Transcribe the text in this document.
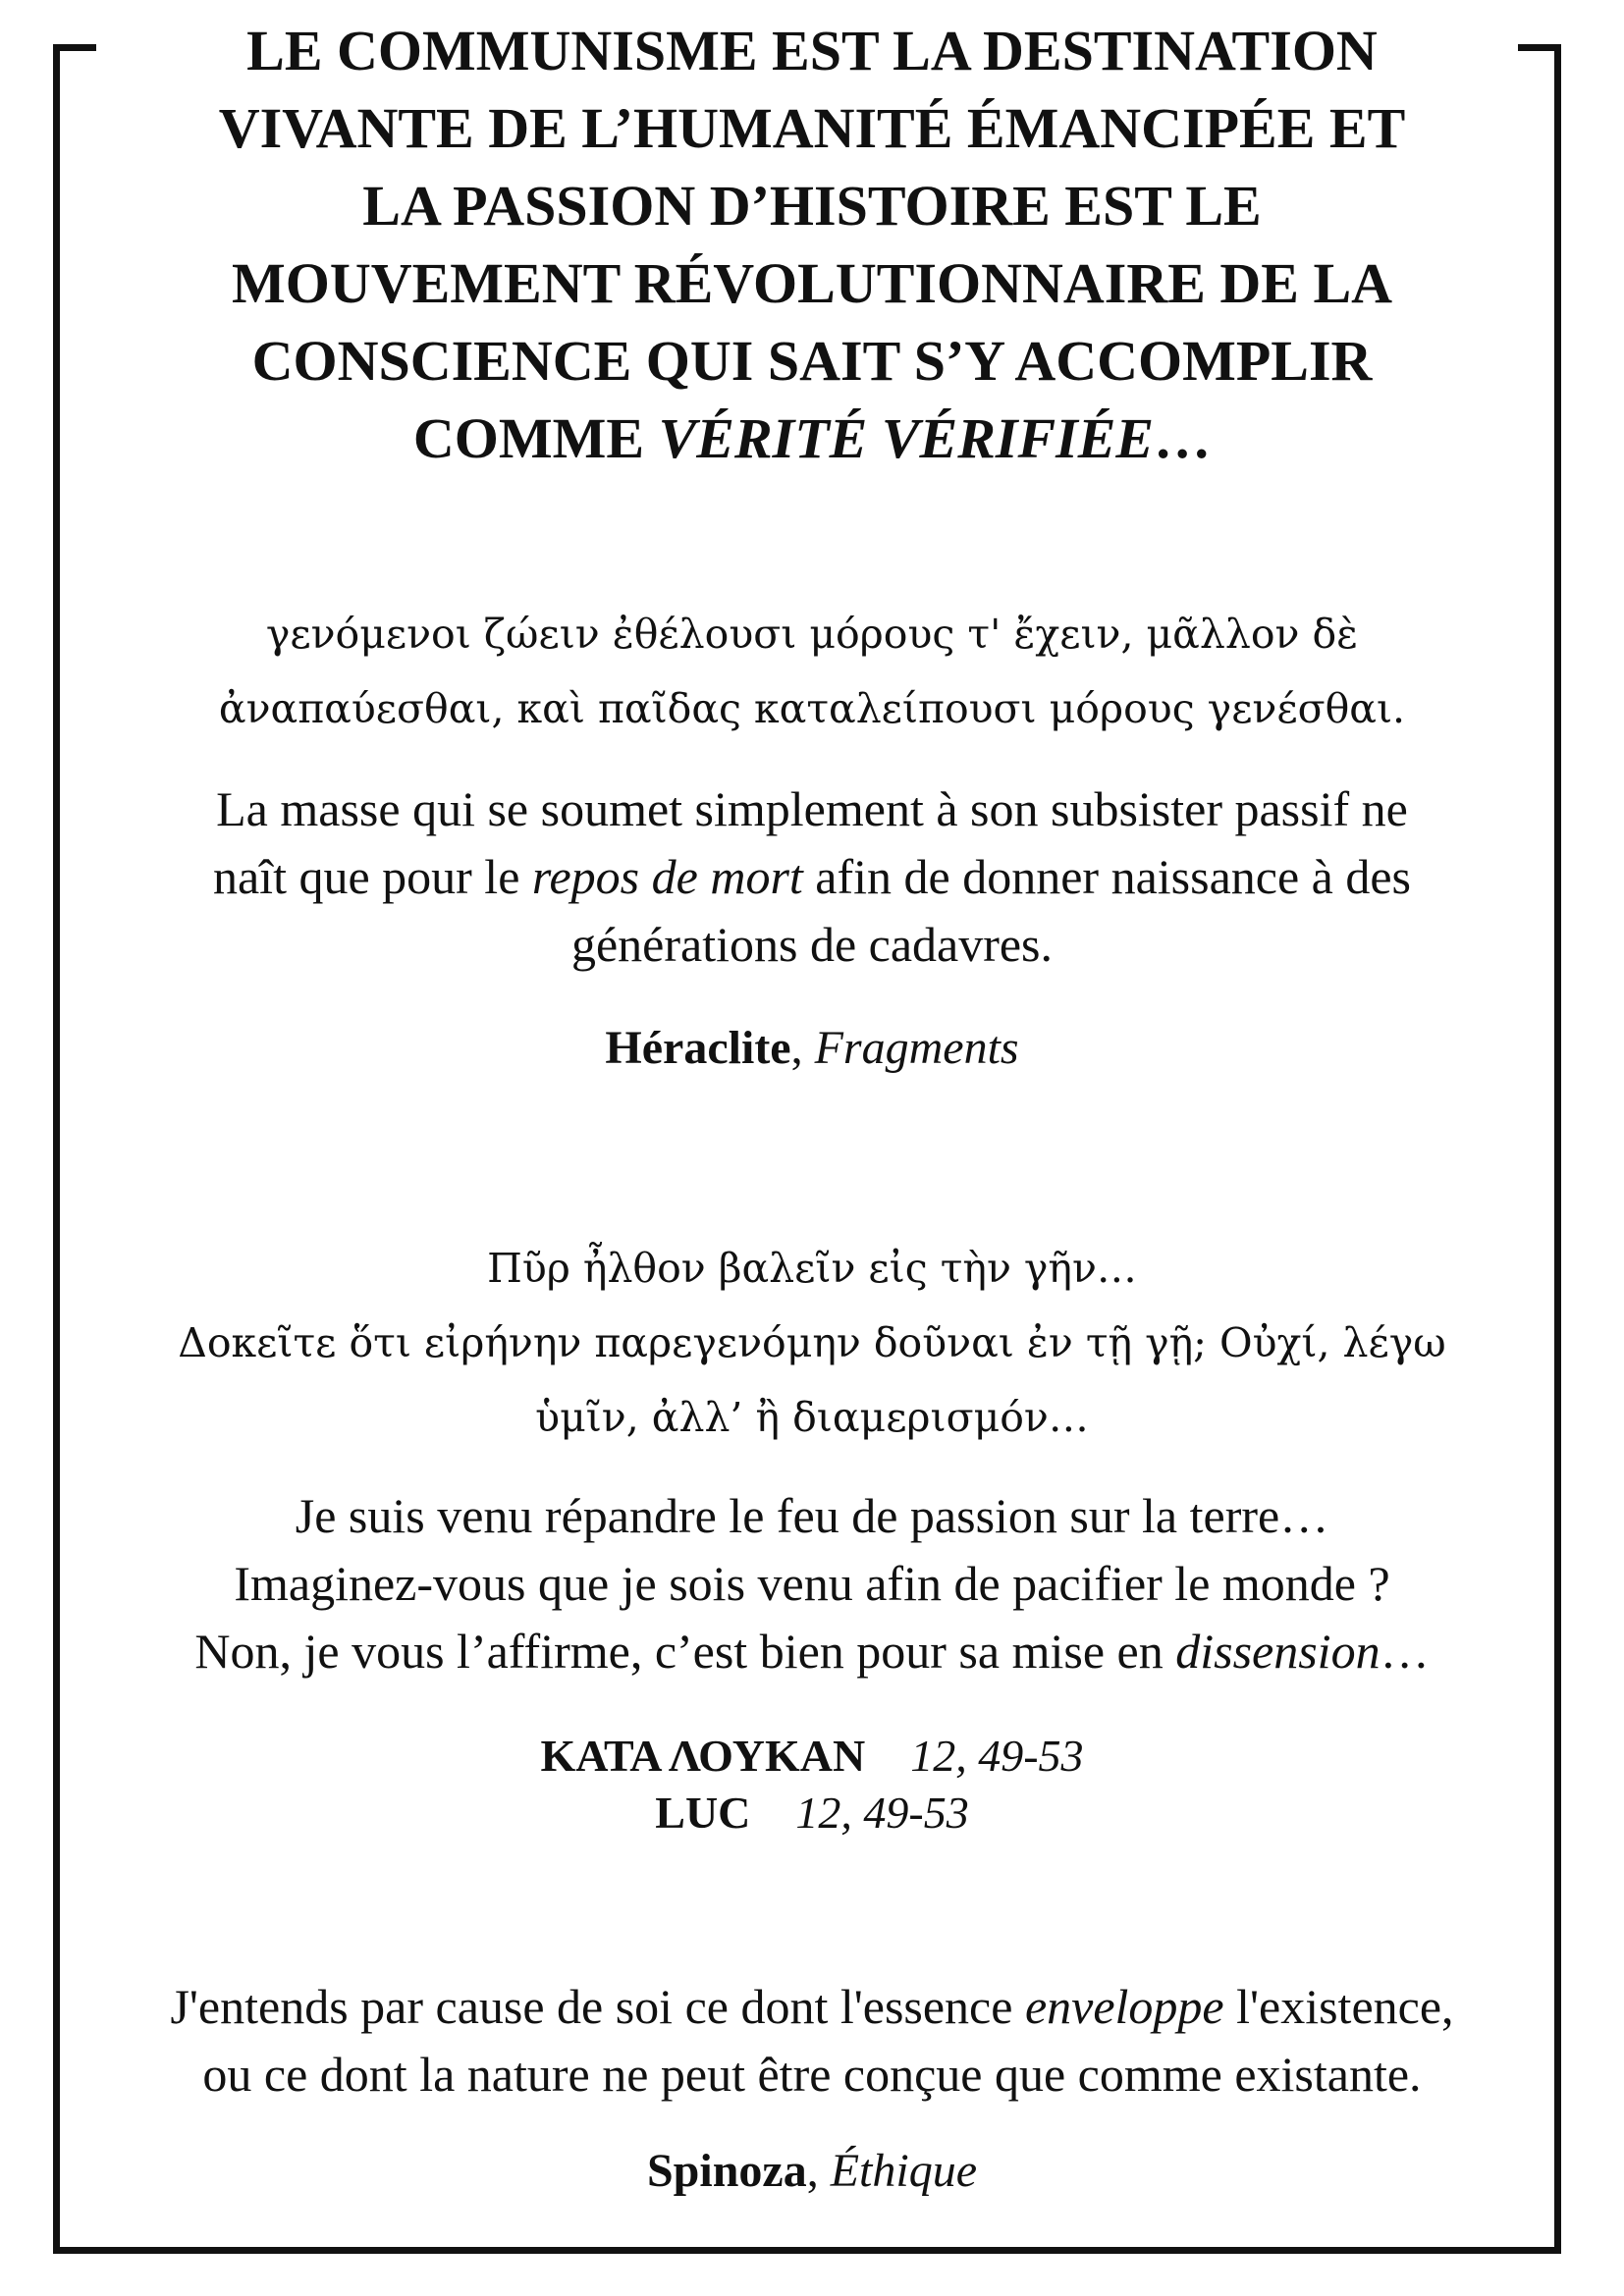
LE COMMUNISME EST LA DESTINATION
VIVANTE DE L’HUMANITÉ ÉMANCIPÉE ET
LA PASSION D’HISTOIRE EST LE
MOUVEMENT RÉVOLUTIONNAIRE DE LA
CONSCIENCE QUI SAIT S’Y ACCOMPLIR
COMME VÉRITÉ VÉRIFIÉE…
γενόμενοι ζώειν ἐθέλουσι μόρους τ' ἔχειν, μᾶλλον δὲ
ἀναπαύεσθαι, καὶ παῖδας καταλείπουσι μόρους γενέσθαι.
La masse qui se soumet simplement à son subsister passif ne
naît que pour le repos de mort afin de donner naissance à des
générations de cadavres.
Héraclite, Fragments
Πῦρ ἦλθον βαλεῖν εἰς τὴν γῆν…
Δοκεῖτε ὅτι εἰρήνην παρεγενόμην δοῦναι ἐν τῇ γῇ; Οὐχί, λέγω
ὑμῖν, ἀλλ’ ἢ διαμερισμόν…
Je suis venu répandre le feu de passion sur la terre…
Imaginez-vous que je sois venu afin de pacifier le monde ?
Non, je vous l’affirme, c’est bien pour sa mise en dissension…
ΚΑΤΑ ΛΟΥΚΑΝ 12, 49-53
LUC 12, 49-53
J'entends par cause de soi ce dont l'essence enveloppe l'existence,
ou ce dont la nature ne peut être conçue que comme existante.
Spinoza, Éthique
